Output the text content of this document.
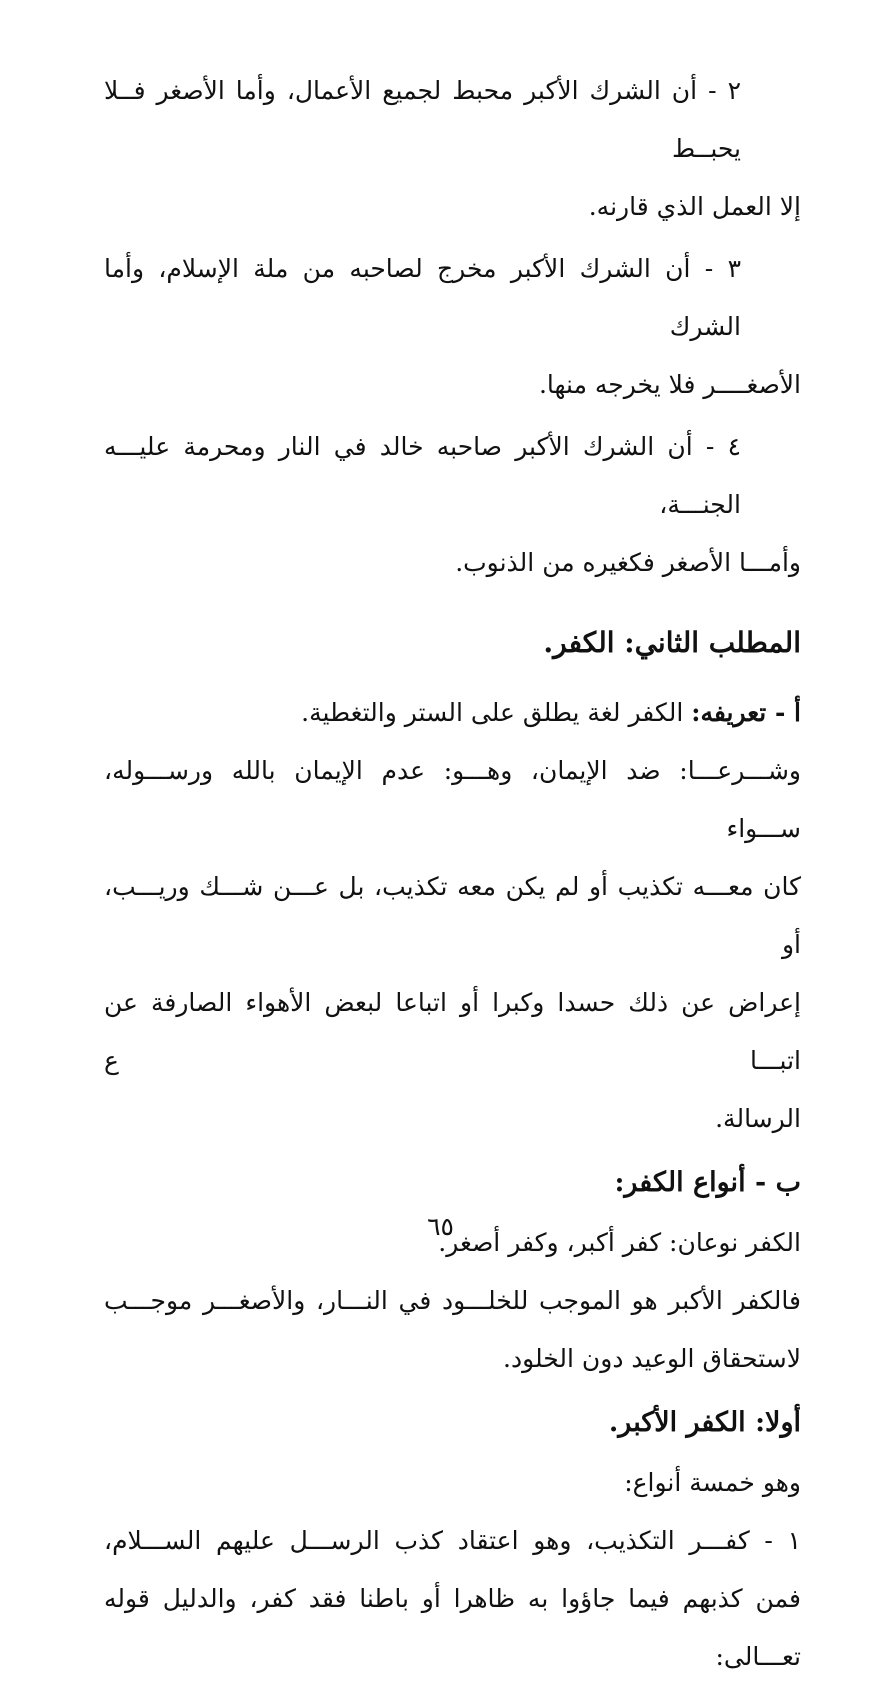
٢ - أن الشرك الأكبر محبط لجميع الأعمال، وأما الأصغر فــلا يحبــط

إلا العمل الذي قارنه.

٣ - أن الشرك الأكبر مخرج لصاحبه من ملة الإسلام، وأما الشرك

الأصغــــر فلا يخرجه منها.

٤ - أن الشرك الأكبر صاحبه خالد في النار ومحرمة عليـــه الجنـــة،

وأمـــا الأصغر فكغيره من الذنوب.

المطلب الثاني: الكفر.

أ - تعريفه: الكفر لغة يطلق على الستر والتغطية.

وشـــرعـــا: ضد الإيمان، وهـــو: عدم الإيمان بالله ورســـوله، ســـواء

كان معـــه تكذيب أو لم يكن معه تكذيب، بل عـــن شـــك وريـــب، أو

إعراض عن ذلك حسدا وكبرا أو اتباعا لبعض الأهواء الصارفة عن اتبـــا ع

الرسالة.

ب - أنواع الكفر:

الكفر نوعان: كفر أكبر، وكفر أصغر.

فالكفر الأكبر هو الموجب للخلـــود في النـــار، والأصغـــر موجـــب

لاستحقاق الوعيد دون الخلود.

أولا: الكفر الأكبر.

وهو خمسة أنواع:

١ - كفـــر التكذيب، وهو اعتقاد كذب الرســـل عليهم الســـلام،

فمن كذبهم فيما جاؤوا به ظاهرا أو باطنا فقد كفر، والدليل قوله تعـــالى:

٦٥
